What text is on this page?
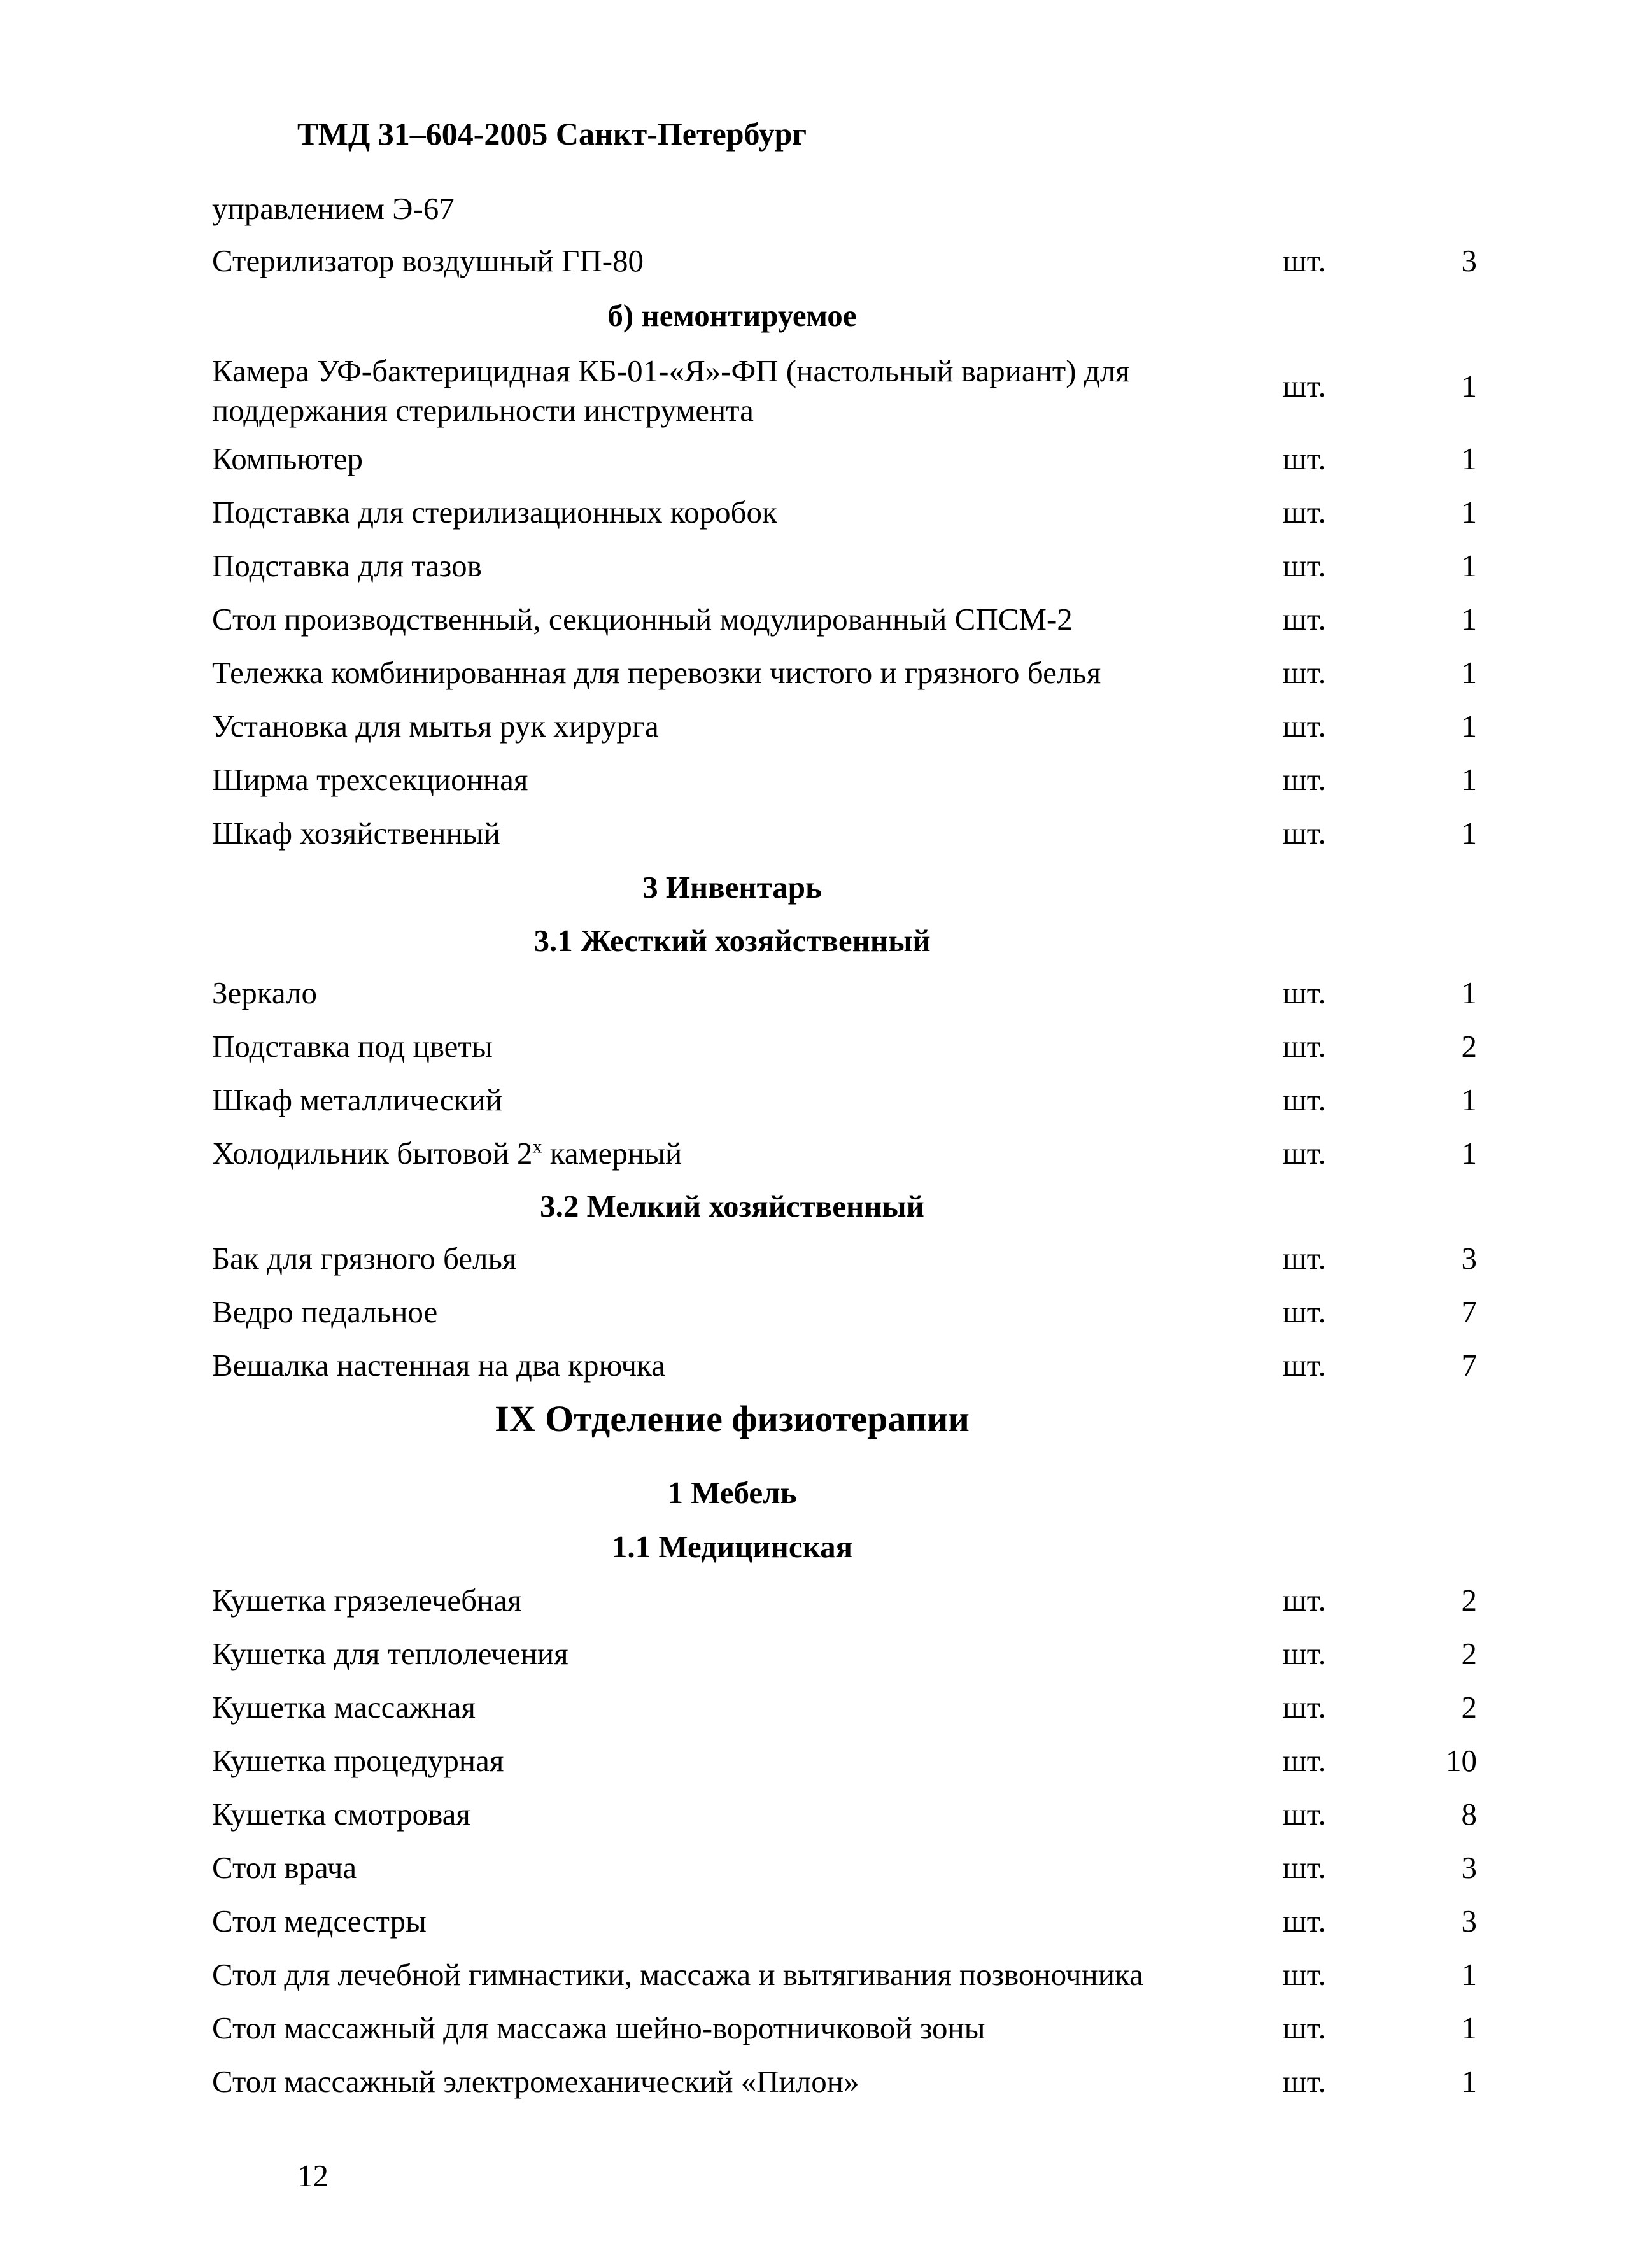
ТМД 31–604-2005 Санкт-Петербург
управлением Э-67
Стерилизатор воздушный ГП-80	шт.	3
б) немонтируемое
Камера УФ-бактерицидная КБ-01-«Я»-ФП (настольный вариант) для
поддержания стерильности инструмента
шт.	1
Компьютер	шт.	1
Подставка для стерилизационных коробок	шт.	1
Подставка для тазов	шт.	1
Стол производственный, секционный модулированный СПСМ-2	шт.	1
Тележка комбинированная для перевозки чистого и грязного белья	шт.	1
Установка для мытья рук хирурга	шт.	1
Ширма трехсекционная	шт.	1
Шкаф хозяйственный	шт.	1
3 Инвентарь
3.1 Жесткий хозяйственный
Зеркало	шт.	1
Подставка под цветы	шт.	2
Шкаф металлический	шт.	1
Холодильник бытовой $2^х$ камерный	шт.	1
3.2 Мелкий хозяйственный
Бак для грязного белья	шт.	3
Ведро педальное	шт.	7
Вешалка настенная на два крючка	шт.	7
IX Отделение физиотерапии
1 Мебель
1.1 Медицинская
Кушетка грязелечебная	шт.	2
Кушетка для теплолечения	шт.	2
Кушетка массажная	шт.	2
Кушетка процедурная	шт.	10
Кушетка смотровая	шт.	8
Стол врача	шт.	3
Стол медсестры	шт.	3
Стол для лечебной гимнастики, массажа и вытягивания позвоночника	шт.	1
Стол массажный для массажа шейно-воротничковой зоны	шт.	1
Стол массажный электромеханический «Пилон»	шт.	1
12
